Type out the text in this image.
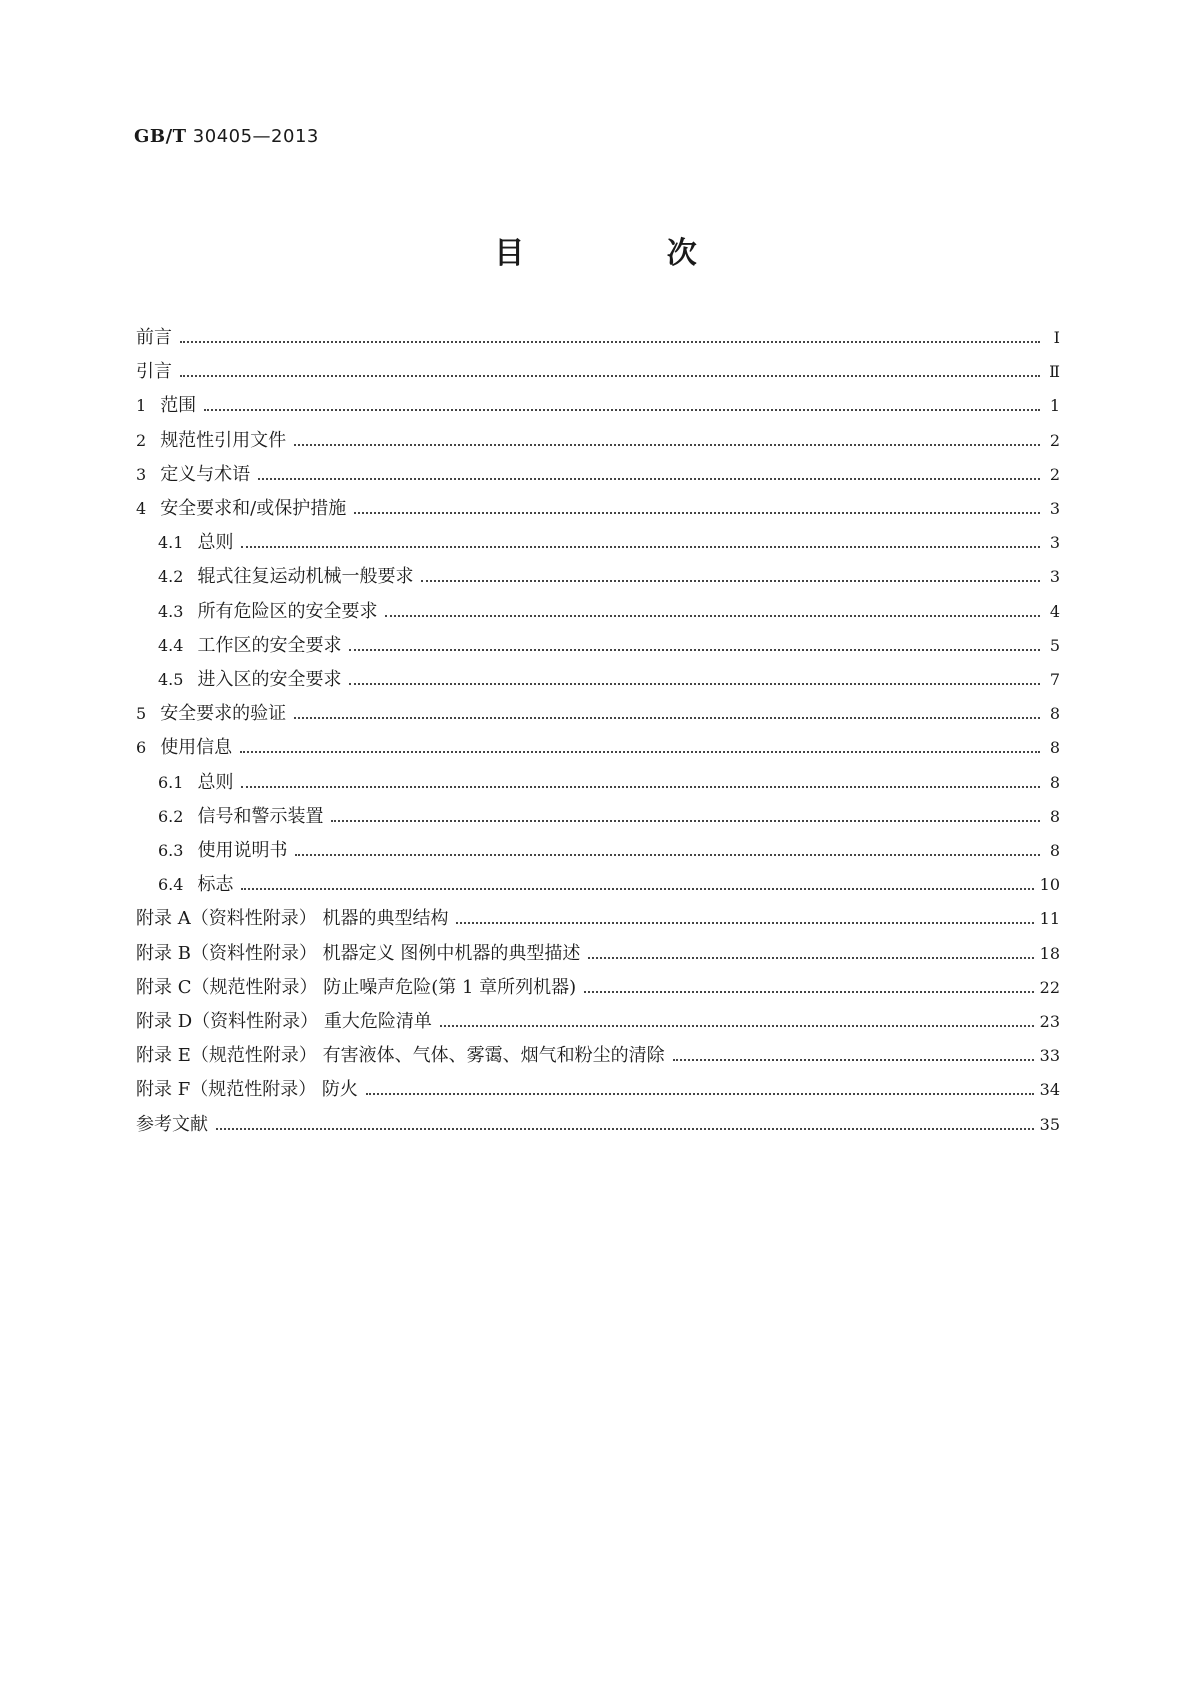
GB/T 30405—2013
目 次
前言	Ⅰ
引言	Ⅱ
1 范围	1
2 规范性引用文件	2
3 定义与术语	2
4 安全要求和/或保护措施	3
4.1 总则	3
4.2 辊式往复运动机械一般要求	3
4.3 所有危险区的安全要求	4
4.4 工作区的安全要求	5
4.5 进入区的安全要求	7
5 安全要求的验证	8
6 使用信息	8
6.1 总则	8
6.2 信号和警示装置	8
6.3 使用说明书	8
6.4 标志	10
附录 A（资料性附录） 机器的典型结构	11
附录 B（资料性附录） 机器定义 图例中机器的典型描述	18
附录 C（规范性附录） 防止噪声危险(第 1 章所列机器)	22
附录 D（资料性附录） 重大危险清单	23
附录 E（规范性附录） 有害液体、气体、雾霭、烟气和粉尘的清除	33
附录 F（规范性附录） 防火	34
参考文献	35
